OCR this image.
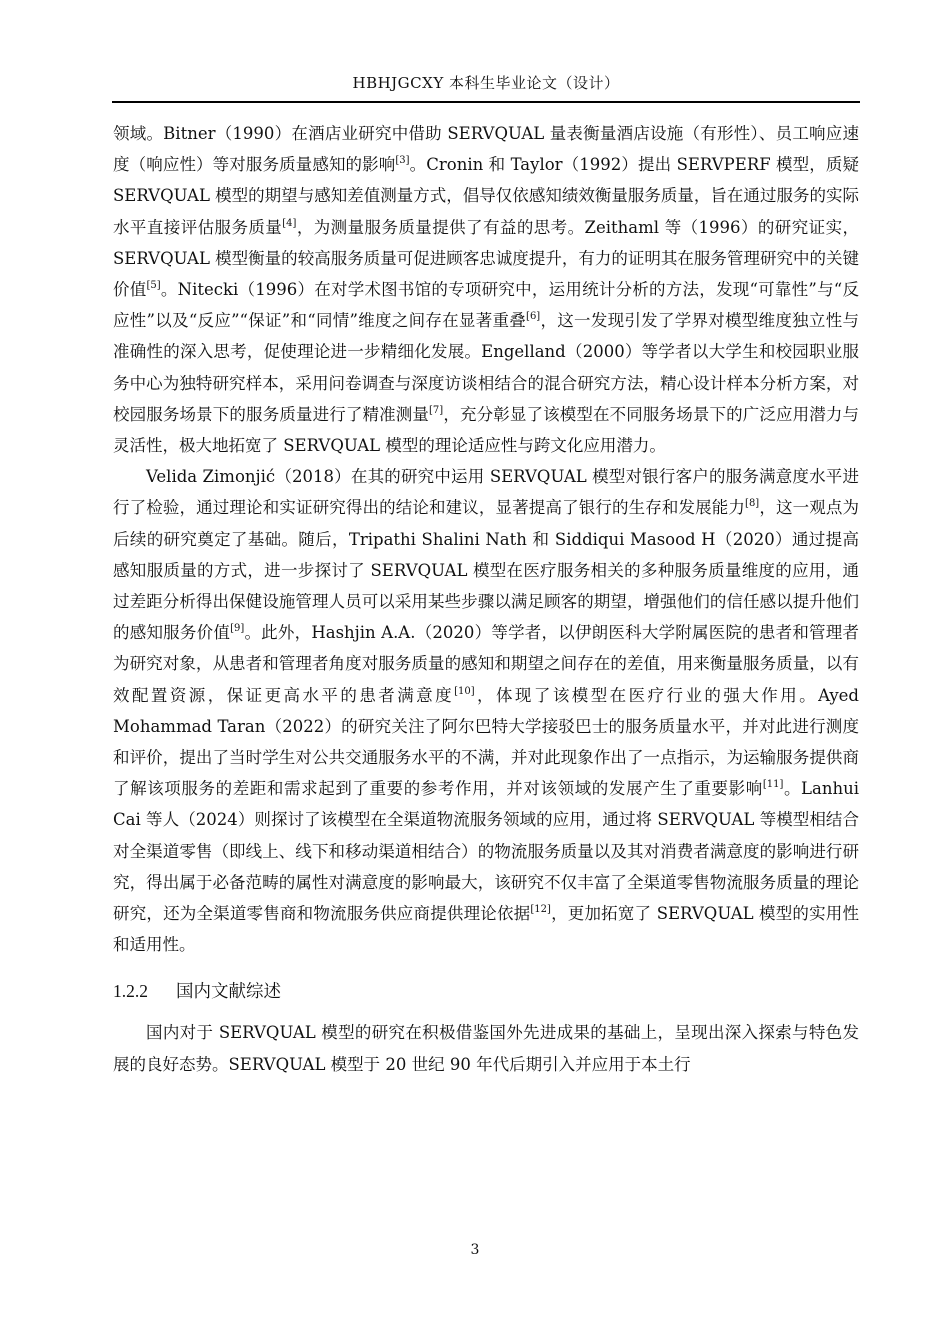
HBHJGCXY 本科生毕业论文（设计）

领域。Bitner（1990）在酒店业研究中借助 SERVQUAL 量表衡量酒店设施（有形性）、员工响应速度（响应性）等对服务质量感知的影响[3]。Cronin 和 Taylor（1992）提出 SERVPERF 模型，质疑 SERVQUAL 模型的期望与感知差值测量方式，倡导仅依感知绩效衡量服务质量，旨在通过服务的实际水平直接评估服务质量[4]，为测量服务质量提供了有益的思考。Zeithaml 等（1996）的研究证实，SERVQUAL 模型衡量的较高服务质量可促进顾客忠诚度提升，有力的证明其在服务管理研究中的关键价值[5]。Nitecki（1996）在对学术图书馆的专项研究中，运用统计分析的方法，发现“可靠性”与“反应性”以及“反应”“保证”和“同情”维度之间存在显著重叠[6]，这一发现引发了学界对模型维度独立性与准确性的深入思考，促使理论进一步精细化发展。Engelland（2000）等学者以大学生和校园职业服务中心为独特研究样本，采用问卷调查与深度访谈相结合的混合研究方法，精心设计样本分析方案，对校园服务场景下的服务质量进行了精准测量[7]，充分彰显了该模型在不同服务场景下的广泛应用潜力与灵活性，极大地拓宽了 SERVQUAL 模型的理论适应性与跨文化应用潜力。

Velida Zimonjić（2018）在其的研究中运用 SERVQUAL 模型对银行客户的服务满意度水平进行了检验，通过理论和实证研究得出的结论和建议，显著提高了银行的生存和发展能力[8]，这一观点为后续的研究奠定了基础。随后，Tripathi Shalini Nath 和 Siddiqui Masood H（2020）通过提高感知服质量的方式，进一步探讨了 SERVQUAL 模型在医疗服务相关的多种服务质量维度的应用，通过差距分析得出保健设施管理人员可以采用某些步骤以满足顾客的期望，增强他们的信任感以提升他们的感知服务价值[9]。此外，Hashjin A.A.（2020）等学者，以伊朗医科大学附属医院的患者和管理者为研究对象，从患者和管理者角度对服务质量的感知和期望之间存在的差值，用来衡量服务质量，以有效配置资源，保证更高水平的患者满意度[10]，体现了该模型在医疗行业的强大作用。Ayed Mohammad Taran（2022）的研究关注了阿尔巴特大学接驳巴士的服务质量水平，并对此进行测度和评价，提出了当时学生对公共交通服务水平的不满，并对此现象作出了一点指示，为运输服务提供商了解该项服务的差距和需求起到了重要的参考作用，并对该领域的发展产生了重要影响[11]。Lanhui Cai 等人（2024）则探讨了该模型在全渠道物流服务领域的应用，通过将 SERVQUAL 等模型相结合对全渠道零售（即线上、线下和移动渠道相结合）的物流服务质量以及其对消费者满意度的影响进行研究，得出属于必备范畴的属性对满意度的影响最大，该研究不仅丰富了全渠道零售物流服务质量的理论研究，还为全渠道零售商和物流服务供应商提供理论依据[12]，更加拓宽了 SERVQUAL 模型的实用性和适用性。

1.2.2 国内文献综述

国内对于 SERVQUAL 模型的研究在积极借鉴国外先进成果的基础上，呈现出深入探索与特色发展的良好态势。SERVQUAL 模型于 20 世纪 90 年代后期引入并应用于本土行

3
